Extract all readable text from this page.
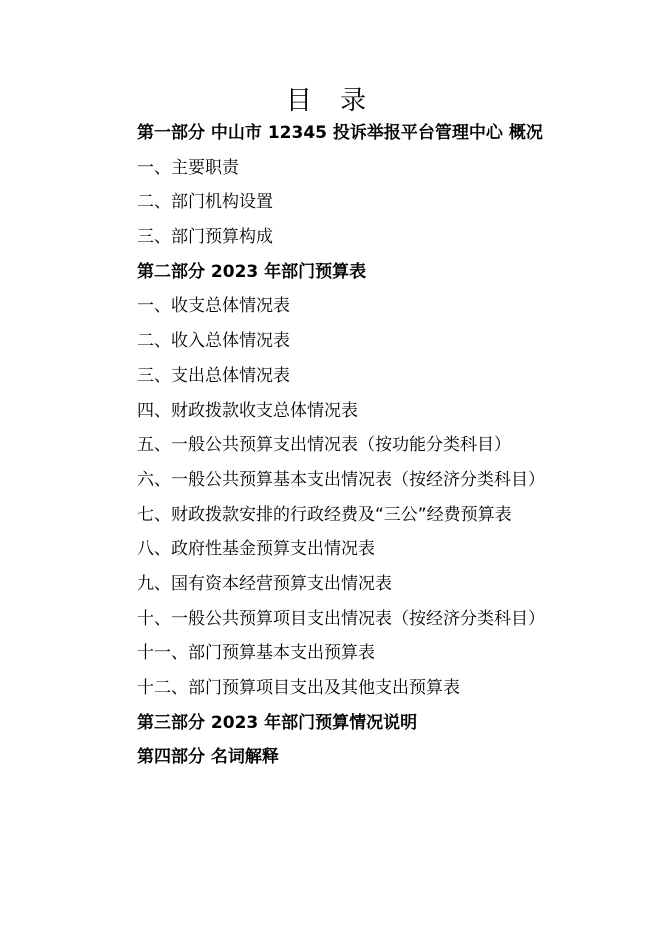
目 录
第一部分 中山市 12345 投诉举报平台管理中心 概况
一、主要职责
二、部门机构设置
三、部门预算构成
第二部分 2023 年部门预算表
一、收支总体情况表
二、收入总体情况表
三、支出总体情况表
四、财政拨款收支总体情况表
五、一般公共预算支出情况表（按功能分类科目）
六、一般公共预算基本支出情况表（按经济分类科目）
七、财政拨款安排的行政经费及“三公”经费预算表
八、政府性基金预算支出情况表
九、国有资本经营预算支出情况表
十、一般公共预算项目支出情况表（按经济分类科目）
十一、部门预算基本支出预算表
十二、部门预算项目支出及其他支出预算表
第三部分 2023 年部门预算情况说明
第四部分 名词解释
